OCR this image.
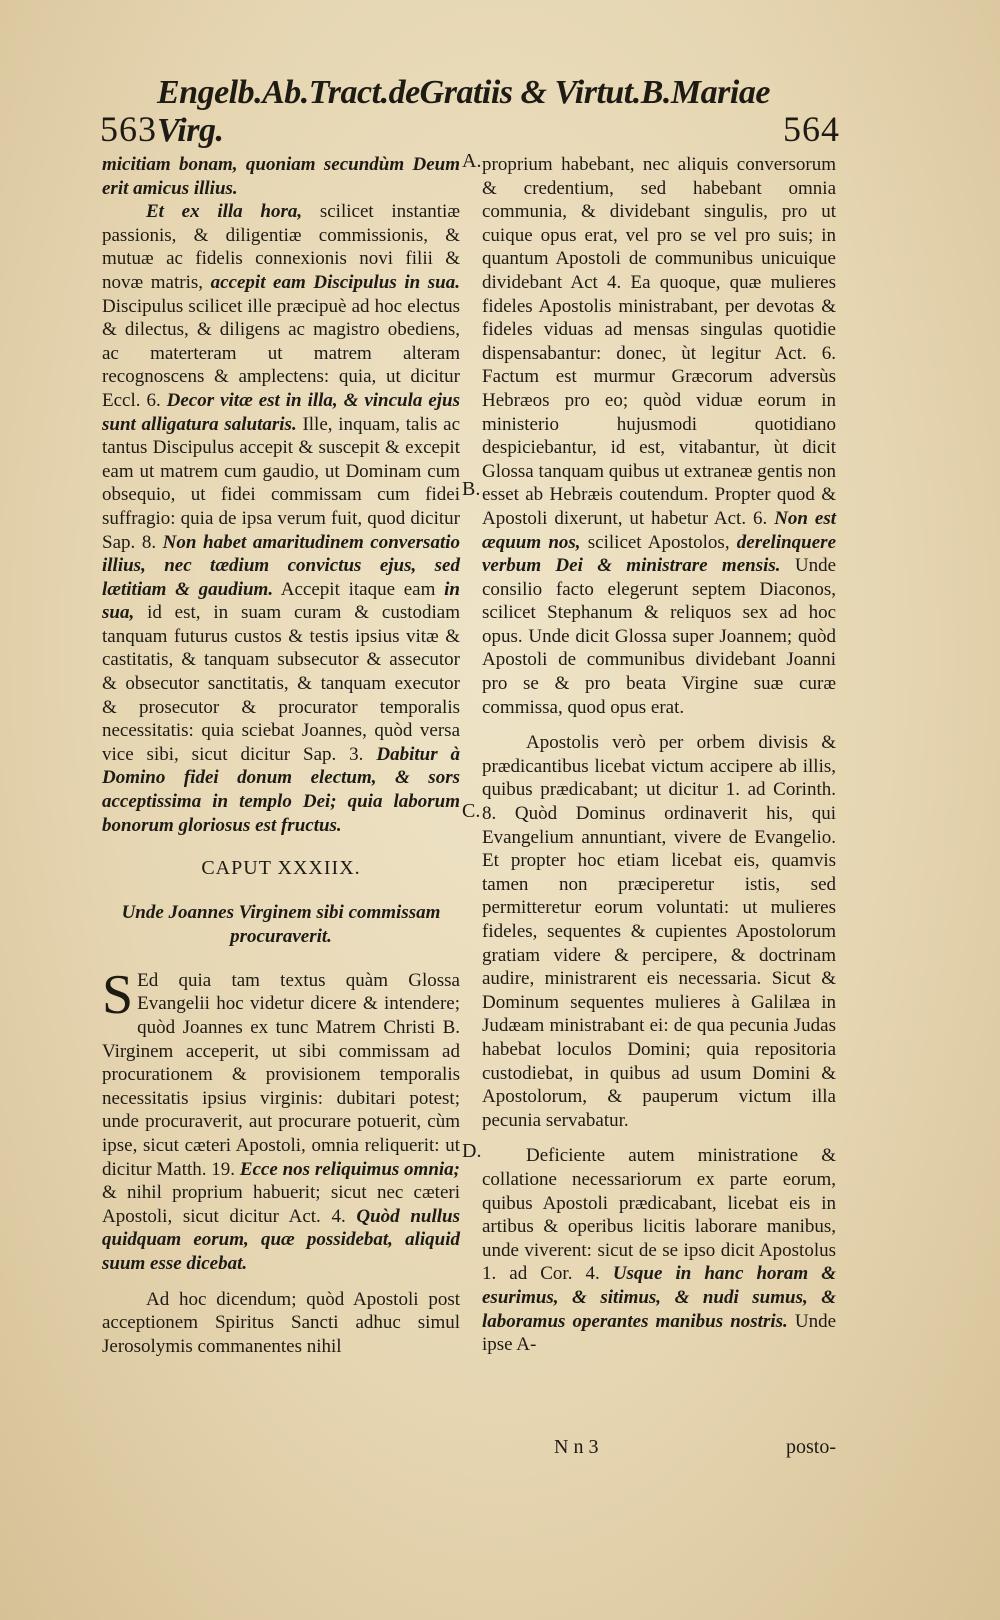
563
Engelb.Ab.Tract.deGratiis & Virtut.B.Mariae Virg.	564
A.
B.
C.
D.

micitiam bonam, quoniam secundùm Deum erit amicus illius.

Et ex illa hora, scilicet instantiæ passionis, & diligentiæ commissionis, & mutuæ ac fidelis connexionis novi filii & novæ matris, accepit eam Discipulus in sua. Discipulus scilicet ille præcipuè ad hoc electus & dilectus, & diligens ac magistro obediens, ac materteram ut matrem alteram recognoscens & amplectens: quia, ut dicitur Eccl. 6. Decor vitæ est in illa, & vincula ejus sunt alligatura salutaris. Ille, inquam, talis ac tantus Discipulus accepit & suscepit & excepit eam ut matrem cum gaudio, ut Dominam cum obsequio, ut fidei commissam cum fidei suffragio: quia de ipsa verum fuit, quod dicitur Sap. 8. Non habet amaritudinem conversatio illius, nec tædium convictus ejus, sed lætitiam & gaudium. Accepit itaque eam in sua, id est, in suam curam & custodiam tanquam futurus custos & testis ipsius vitæ & castitatis, & tanquam subsecutor & assecutor & obsecutor sanctitatis, & tanquam executor & prosecutor & procurator temporalis necessitatis: quia sciebat Joannes, quòd versa vice sibi, sicut dicitur Sap. 3. Dabitur à Domino fidei donum electum, & sors acceptissima in templo Dei; quia laborum bonorum gloriosus est fructus.

CAPUT XXXIIX.
Unde Joannes Virginem sibi commissam procuraverit.

S Ed quia tam textus quàm Glossa Evangelii hoc videtur dicere & intendere; quòd Joannes ex tunc Matrem Christi B. Virginem acceperit, ut sibi commissam ad procurationem & provisionem temporalis necessitatis ipsius virginis: dubitari potest; unde procuraverit, aut procurare potuerit, cùm ipse, sicut cæteri Apostoli, omnia reliquerit: ut dicitur Matth. 19. Ecce nos reliquimus omnia; & nihil proprium habuerit; sicut nec cæteri Apostoli, sicut dicitur Act. 4. Quòd nullus quidquam eorum, quæ possidebat, aliquid suum esse dicebat.

Ad hoc dicendum; quòd Apostoli post acceptionem Spiritus Sancti adhuc simul Jerosolymis commanentes nihil

proprium habebant, nec aliquis conversorum & credentium, sed habebant omnia communia, & dividebant singulis, pro ut cuique opus erat, vel pro se vel pro suis; in quantum Apostoli de communibus unicuique dividebant Act 4. Ea quoque, quæ mulieres fideles Apostolis ministrabant, per devotas & fideles viduas ad mensas singulas quotidie dispensabantur: donec, ùt legitur Act. 6. Factum est murmur Græcorum adversùs Hebræos pro eo; quòd viduæ eorum in ministerio hujusmodi quotidiano despiciebantur, id est, vitabantur, ùt dicit Glossa tanquam quibus ut extraneæ gentis non esset ab Hebræis coutendum. Propter quod & Apostoli dixerunt, ut habetur Act. 6. Non est æquum nos, scilicet Apostolos, derelinquere verbum Dei & ministrare mensis. Unde consilio facto elegerunt septem Diaconos, scilicet Stephanum & reliquos sex ad hoc opus. Unde dicit Glossa super Joannem; quòd Apostoli de communibus dividebant Joanni pro se & pro beata Virgine suæ curæ commissa, quod opus erat.

Apostolis verò per orbem divisis & prædicantibus licebat victum accipere ab illis, quibus prædicabant; ut dicitur 1. ad Corinth. 8. Quòd Dominus ordinaverit his, qui Evangelium annuntiant, vivere de Evangelio. Et propter hoc etiam licebat eis, quamvis tamen non præciperetur istis, sed permitteretur eorum voluntati: ut mulieres fideles, sequentes & cupientes Apostolorum gratiam videre & percipere, & doctrinam audire, ministrarent eis necessaria. Sicut & Dominum sequentes mulieres à Galilæa in Judæam ministrabant ei: de qua pecunia Judas habebat loculos Domini; quia repositoria custodiebat, in quibus ad usum Domini & Apostolorum, & pauperum victum illa pecunia servabatur.

Deficiente autem ministratione & collatione necessariorum ex parte eorum, quibus Apostoli prædicabant, licebat eis in artibus & operibus licitis laborare manibus, unde viverent: sicut de se ipso dicit Apostolus 1. ad Cor. 4. Usque in hanc horam & esurimus, & sitimus, & nudi sumus, & laboramus operantes manibus nostris. Unde ipse A-

N n 3	posto-
